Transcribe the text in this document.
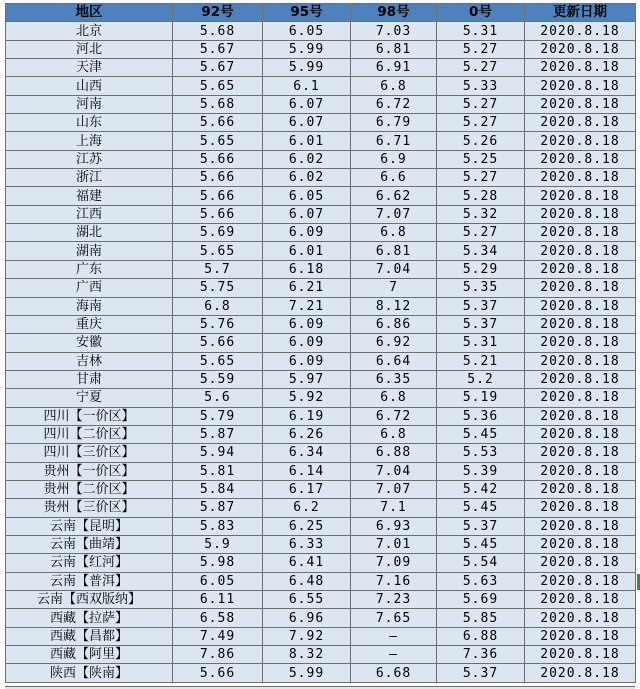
地区	92号	95号	98号	0号	更新日期
北京	5.68	6.05	7.03	5.31	2020.8.18
河北	5.67	5.99	6.81	5.27	2020.8.18
天津	5.67	5.99	6.91	5.27	2020.8.18
山西	5.65	6.1	6.8	5.33	2020.8.18
河南	5.68	6.07	6.72	5.27	2020.8.18
山东	5.66	6.07	6.79	5.27	2020.8.18
上海	5.65	6.01	6.71	5.26	2020.8.18
江苏	5.66	6.02	6.9	5.25	2020.8.18
浙江	5.66	6.02	6.6	5.27	2020.8.18
福建	5.66	6.05	6.62	5.28	2020.8.18
江西	5.66	6.07	7.07	5.32	2020.8.18
湖北	5.69	6.09	6.8	5.27	2020.8.18
湖南	5.65	6.01	6.81	5.34	2020.8.18
广东	5.7	6.18	7.04	5.29	2020.8.18
广西	5.75	6.21	7	5.35	2020.8.18
海南	6.8	7.21	8.12	5.37	2020.8.18
重庆	5.76	6.09	6.86	5.37	2020.8.18
安徽	5.66	6.09	6.92	5.31	2020.8.18
吉林	5.65	6.09	6.64	5.21	2020.8.18
甘肃	5.59	5.97	6.35	5.2	2020.8.18
宁夏	5.6	5.92	6.8	5.19	2020.8.18
四川【一价区】	5.79	6.19	6.72	5.36	2020.8.18
四川【二价区】	5.87	6.26	6.8	5.45	2020.8.18
四川【三价区】	5.94	6.34	6.88	5.53	2020.8.18
贵州【一价区】	5.81	6.14	7.04	5.39	2020.8.18
贵州【二价区】	5.84	6.17	7.07	5.42	2020.8.18
贵州【三价区】	5.87	6.2	7.1	5.45	2020.8.18
云南【昆明】	5.83	6.25	6.93	5.37	2020.8.18
云南【曲靖】	5.9	6.33	7.01	5.45	2020.8.18
云南【红河】	5.98	6.41	7.09	5.54	2020.8.18
云南【普洱】	6.05	6.48	7.16	5.63	2020.8.18
云南【西双版纳】	6.11	6.55	7.23	5.69	2020.8.18
西藏【拉萨】	6.58	6.96	7.65	5.85	2020.8.18
西藏【昌都】	7.49	7.92	–	6.88	2020.8.18
西藏【阿里】	7.86	8.32	–	7.36	2020.8.18
陕西【陕南】	5.66	5.99	6.68	5.37	2020.8.18
